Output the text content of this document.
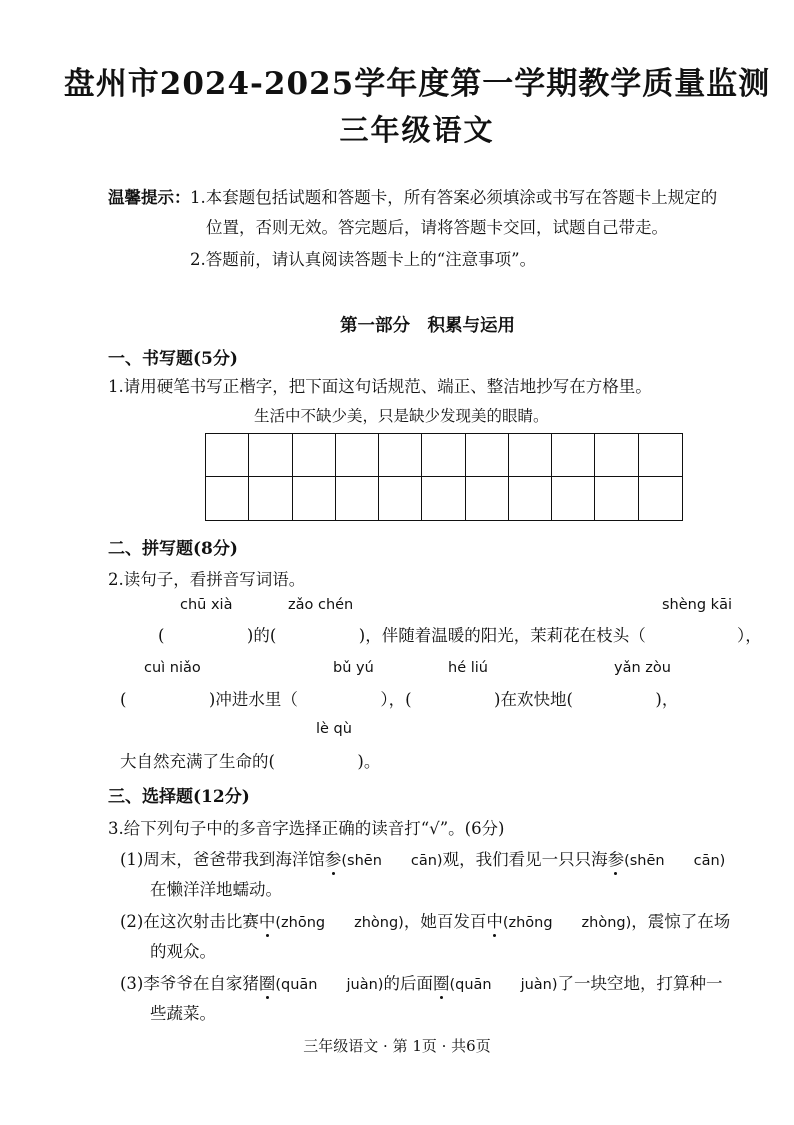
盘州市2024-2025学年度第一学期教学质量监测
三年级语文
温馨提示： 1.本套题包括试题和答题卡，所有答案必须填涂或书写在答题卡上规定的
位置，否则无效。答完题后，请将答题卡交回，试题自己带走。
2.答题前，请认真阅读答题卡上的“注意事项”。
第一部分　积累与运用
一、书写题(5分)
1.请用硬笔书写正楷字，把下面这句话规范、端正、整洁地抄写在方格里。
生活中不缺少美，只是缺少发现美的眼睛。
二、拼写题(8分)
2.读句子，看拼音写词语。
chū xià	zǎo chén	shèng kāi
(　　　　　)的(　　　　　)，伴随着温暖的阳光，茉莉花在枝头（	），
cuì niǎo	bǔ yú	hé liú	yǎn zòu
(　　　　　)冲进水里（　　　　　），(　　　　　)在欢快地(　　　　　)，
lè qù
大自然充满了生命的(　　　　　)。
三、选择题(12分)
3.给下列句子中的多音字选择正确的读音打“√”。(6分)
(1)周末，爸爸带我到海洋馆参(shēn　　cān)观，我们看见一只只海参(shēn　　cān)
在懒洋洋地蠕动。
(2)在这次射击比赛中(zhōng　　zhòng)，她百发百中(zhōng　　zhòng)，震惊了在场
的观众。
(3)李爷爷在自家猪圈(quān　　juàn)的后面圈(quān　　juàn)了一块空地，打算种一
些蔬菜。
三年级语文 · 第 1页 · 共6页
